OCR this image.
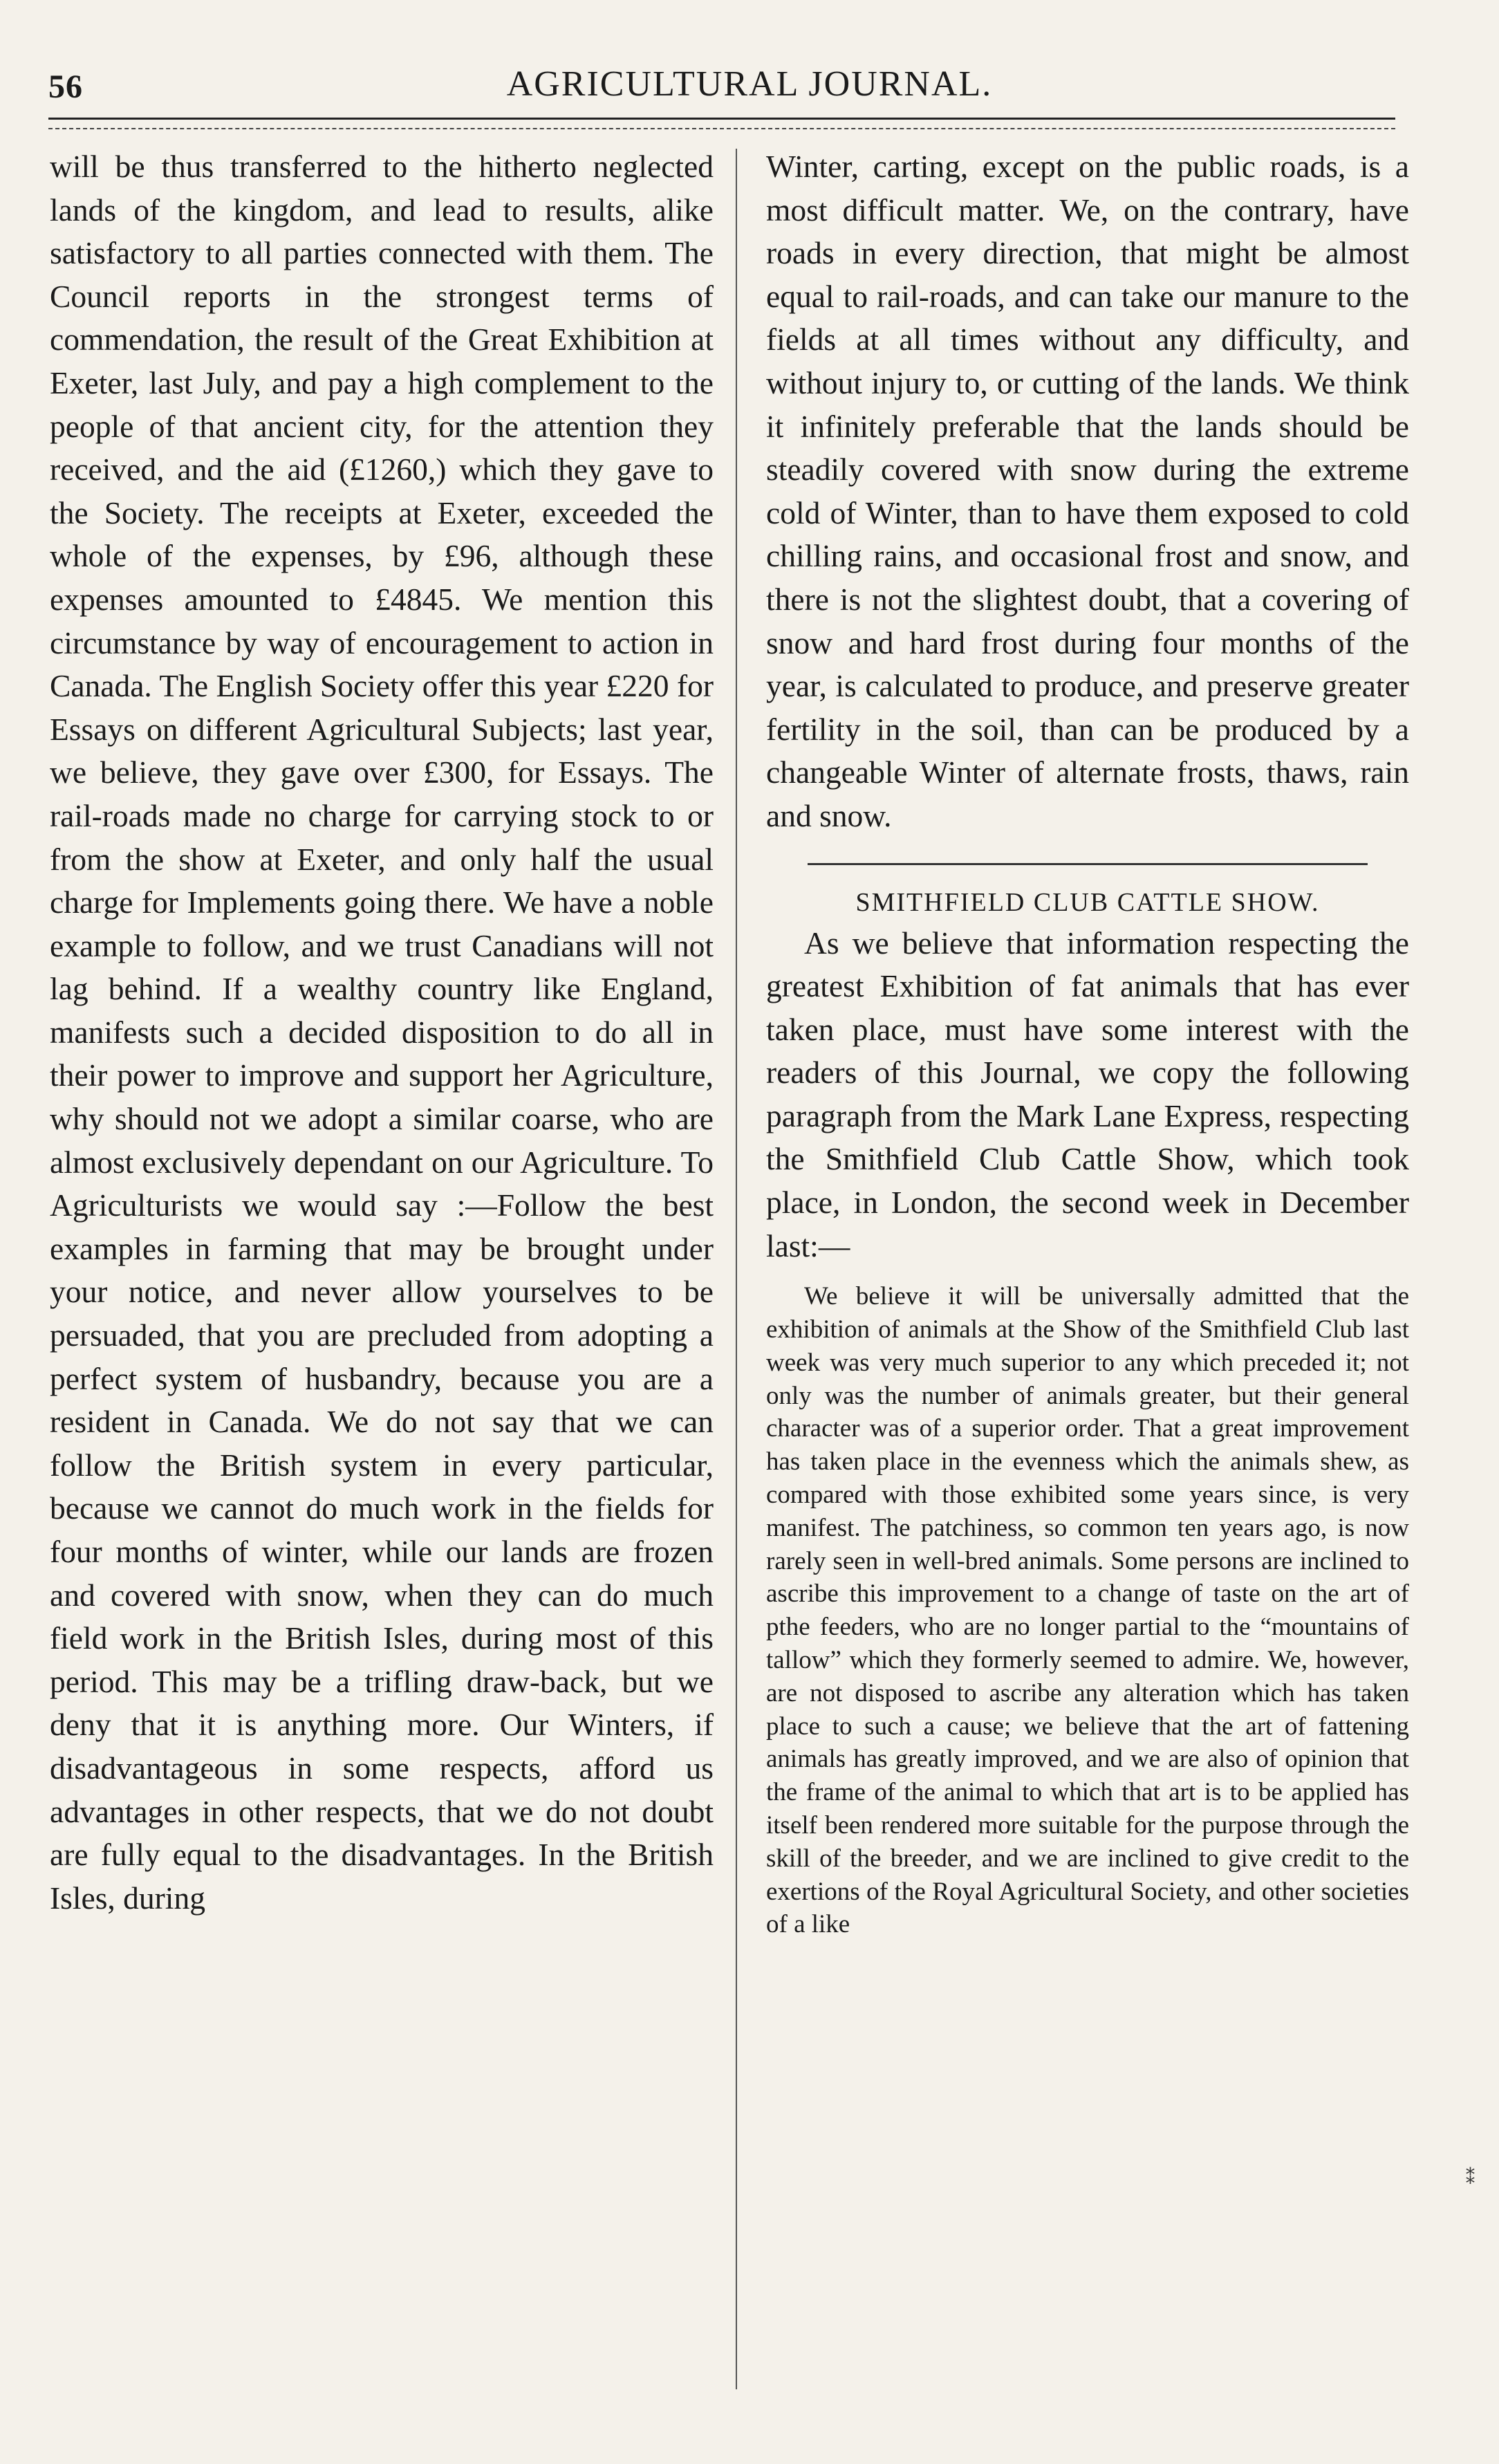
56	AGRICULTURAL JOURNAL.

will be thus transferred to the hitherto neglected lands of the kingdom, and lead to results, alike satisfactory to all parties connected with them. The Council reports in the strongest terms of commendation, the result of the Great Exhibition at Exeter, last July, and pay a high complement to the people of that ancient city, for the attention they received, and the aid (£1260,) which they gave to the Society. The receipts at Exeter, exceeded the whole of the expenses, by £96, although these expenses amounted to £4845. We mention this circumstance by way of encouragement to action in Canada. The English Society offer this year £220 for Essays on different Agricultural Subjects; last year, we believe, they gave over £300, for Essays. The rail-roads made no charge for carrying stock to or from the show at Exeter, and only half the usual charge for Implements going there. We have a noble example to follow, and we trust Canadians will not lag behind. If a wealthy country like England, manifests such a decided disposition to do all in their power to improve and support her Agriculture, why should not we adopt a similar coarse, who are almost exclusively dependant on our Agriculture. To Agriculturists we would say :—Follow the best examples in farming that may be brought under your notice, and never allow yourselves to be persuaded, that you are precluded from adopting a perfect system of husbandry, because you are a resident in Canada. We do not say that we can follow the British system in every particular, because we cannot do much work in the fields for four months of winter, while our lands are frozen and covered with snow, when they can do much field work in the British Isles, during most of this period. This may be a trifling draw-back, but we deny that it is anything more. Our Winters, if disadvantageous in some respects, afford us advantages in other respects, that we do not doubt are fully equal to the disadvantages. In the British Isles, during

Winter, carting, except on the public roads, is a most difficult matter. We, on the contrary, have roads in every direction, that might be almost equal to rail-roads, and can take our manure to the fields at all times without any difficulty, and without injury to, or cutting of the lands. We think it infinitely preferable that the lands should be steadily covered with snow during the extreme cold of Winter, than to have them exposed to cold chilling rains, and occasional frost and snow, and there is not the slightest doubt, that a covering of snow and hard frost during four months of the year, is calculated to produce, and preserve greater fertility in the soil, than can be produced by a changeable Winter of alternate frosts, thaws, rain and snow.

SMITHFIELD CLUB CATTLE SHOW.

As we believe that information respecting the greatest Exhibition of fat animals that has ever taken place, must have some interest with the readers of this Journal, we copy the following paragraph from the Mark Lane Express, respecting the Smithfield Club Cattle Show, which took place, in London, the second week in December last:—

We believe it will be universally admitted that the exhibition of animals at the Show of the Smithfield Club last week was very much superior to any which preceded it; not only was the number of animals greater, but their general character was of a superior order. That a great improvement has taken place in the evenness which the animals shew, as compared with those exhibited some years since, is very manifest. The patchiness, so common ten years ago, is now rarely seen in well-bred animals. Some persons are inclined to ascribe this improvement to a change of taste on the art of pthe feeders, who are no longer partial to the “mountains of tallow” which they formerly seemed to admire. We, however, are not disposed to ascribe any alteration which has taken place to such a cause; we believe that the art of fattening animals has greatly improved, and we are also of opinion that the frame of the animal to which that art is to be applied has itself been rendered more suitable for the purpose through the skill of the breeder, and we are inclined to give credit to the exertions of the Royal Agricultural Society, and other societies of a like

⁑
